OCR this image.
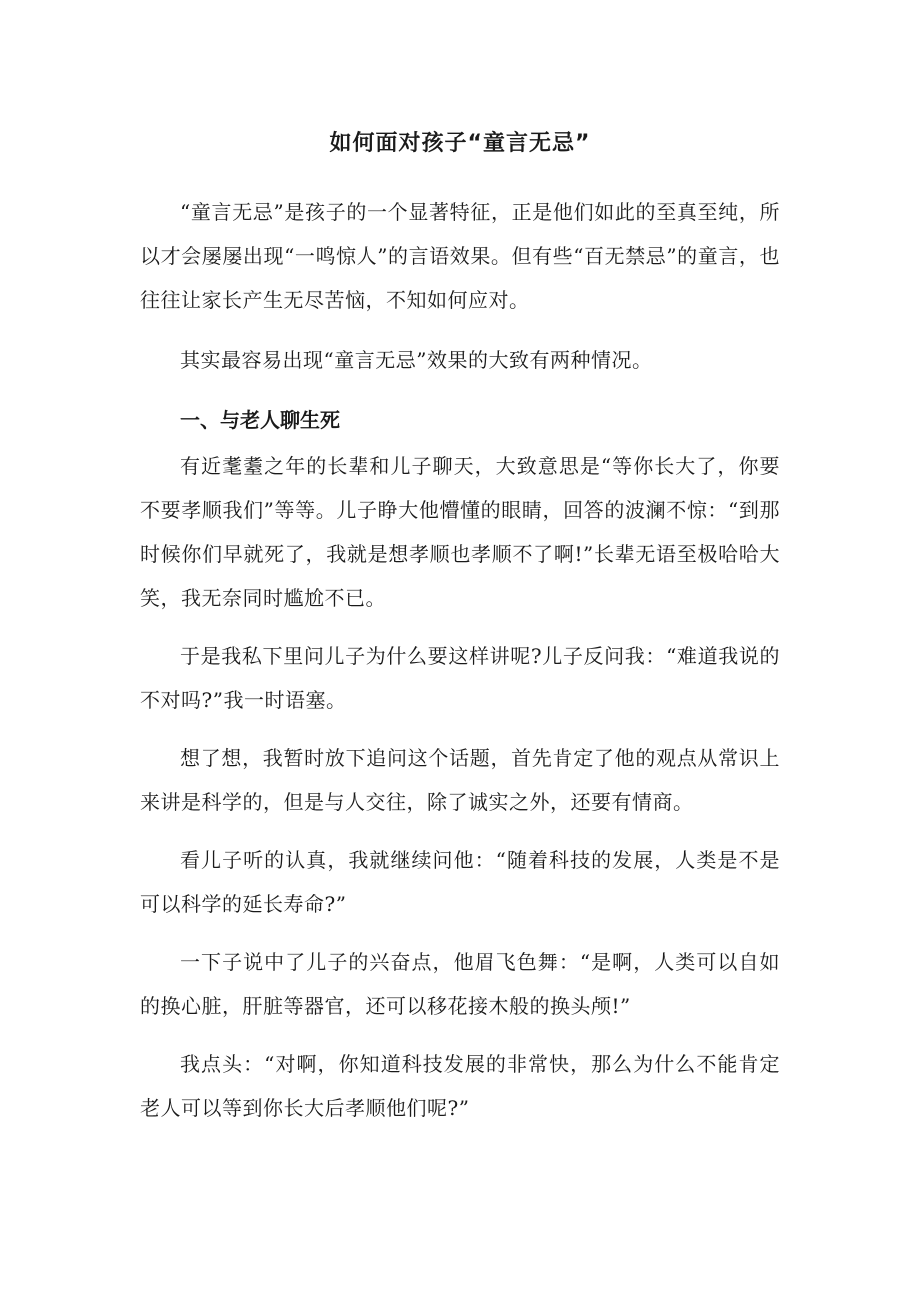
如何面对孩子“童言无忌”

“童言无忌”是孩子的一个显著特征，正是他们如此的至真至纯，所以才会屡屡出现“一鸣惊人”的言语效果。但有些“百无禁忌”的童言，也往往让家长产生无尽苦恼，不知如何应对。

其实最容易出现“童言无忌”效果的大致有两种情况。

一、与老人聊生死

有近耄耋之年的长辈和儿子聊天，大致意思是“等你长大了，你要不要孝顺我们”等等。儿子睁大他懵懂的眼睛，回答的波澜不惊：“到那时候你们早就死了，我就是想孝顺也孝顺不了啊!”长辈无语至极哈哈大笑，我无奈同时尴尬不已。

于是我私下里问儿子为什么要这样讲呢?儿子反问我：“难道我说的不对吗?”我一时语塞。

想了想，我暂时放下追问这个话题，首先肯定了他的观点从常识上来讲是科学的，但是与人交往，除了诚实之外，还要有情商。

看儿子听的认真，我就继续问他：“随着科技的发展，人类是不是可以科学的延长寿命?”

一下子说中了儿子的兴奋点，他眉飞色舞：“是啊，人类可以自如的换心脏，肝脏等器官，还可以移花接木般的换头颅!”

我点头：“对啊，你知道科技发展的非常快，那么为什么不能肯定老人可以等到你长大后孝顺他们呢?”
